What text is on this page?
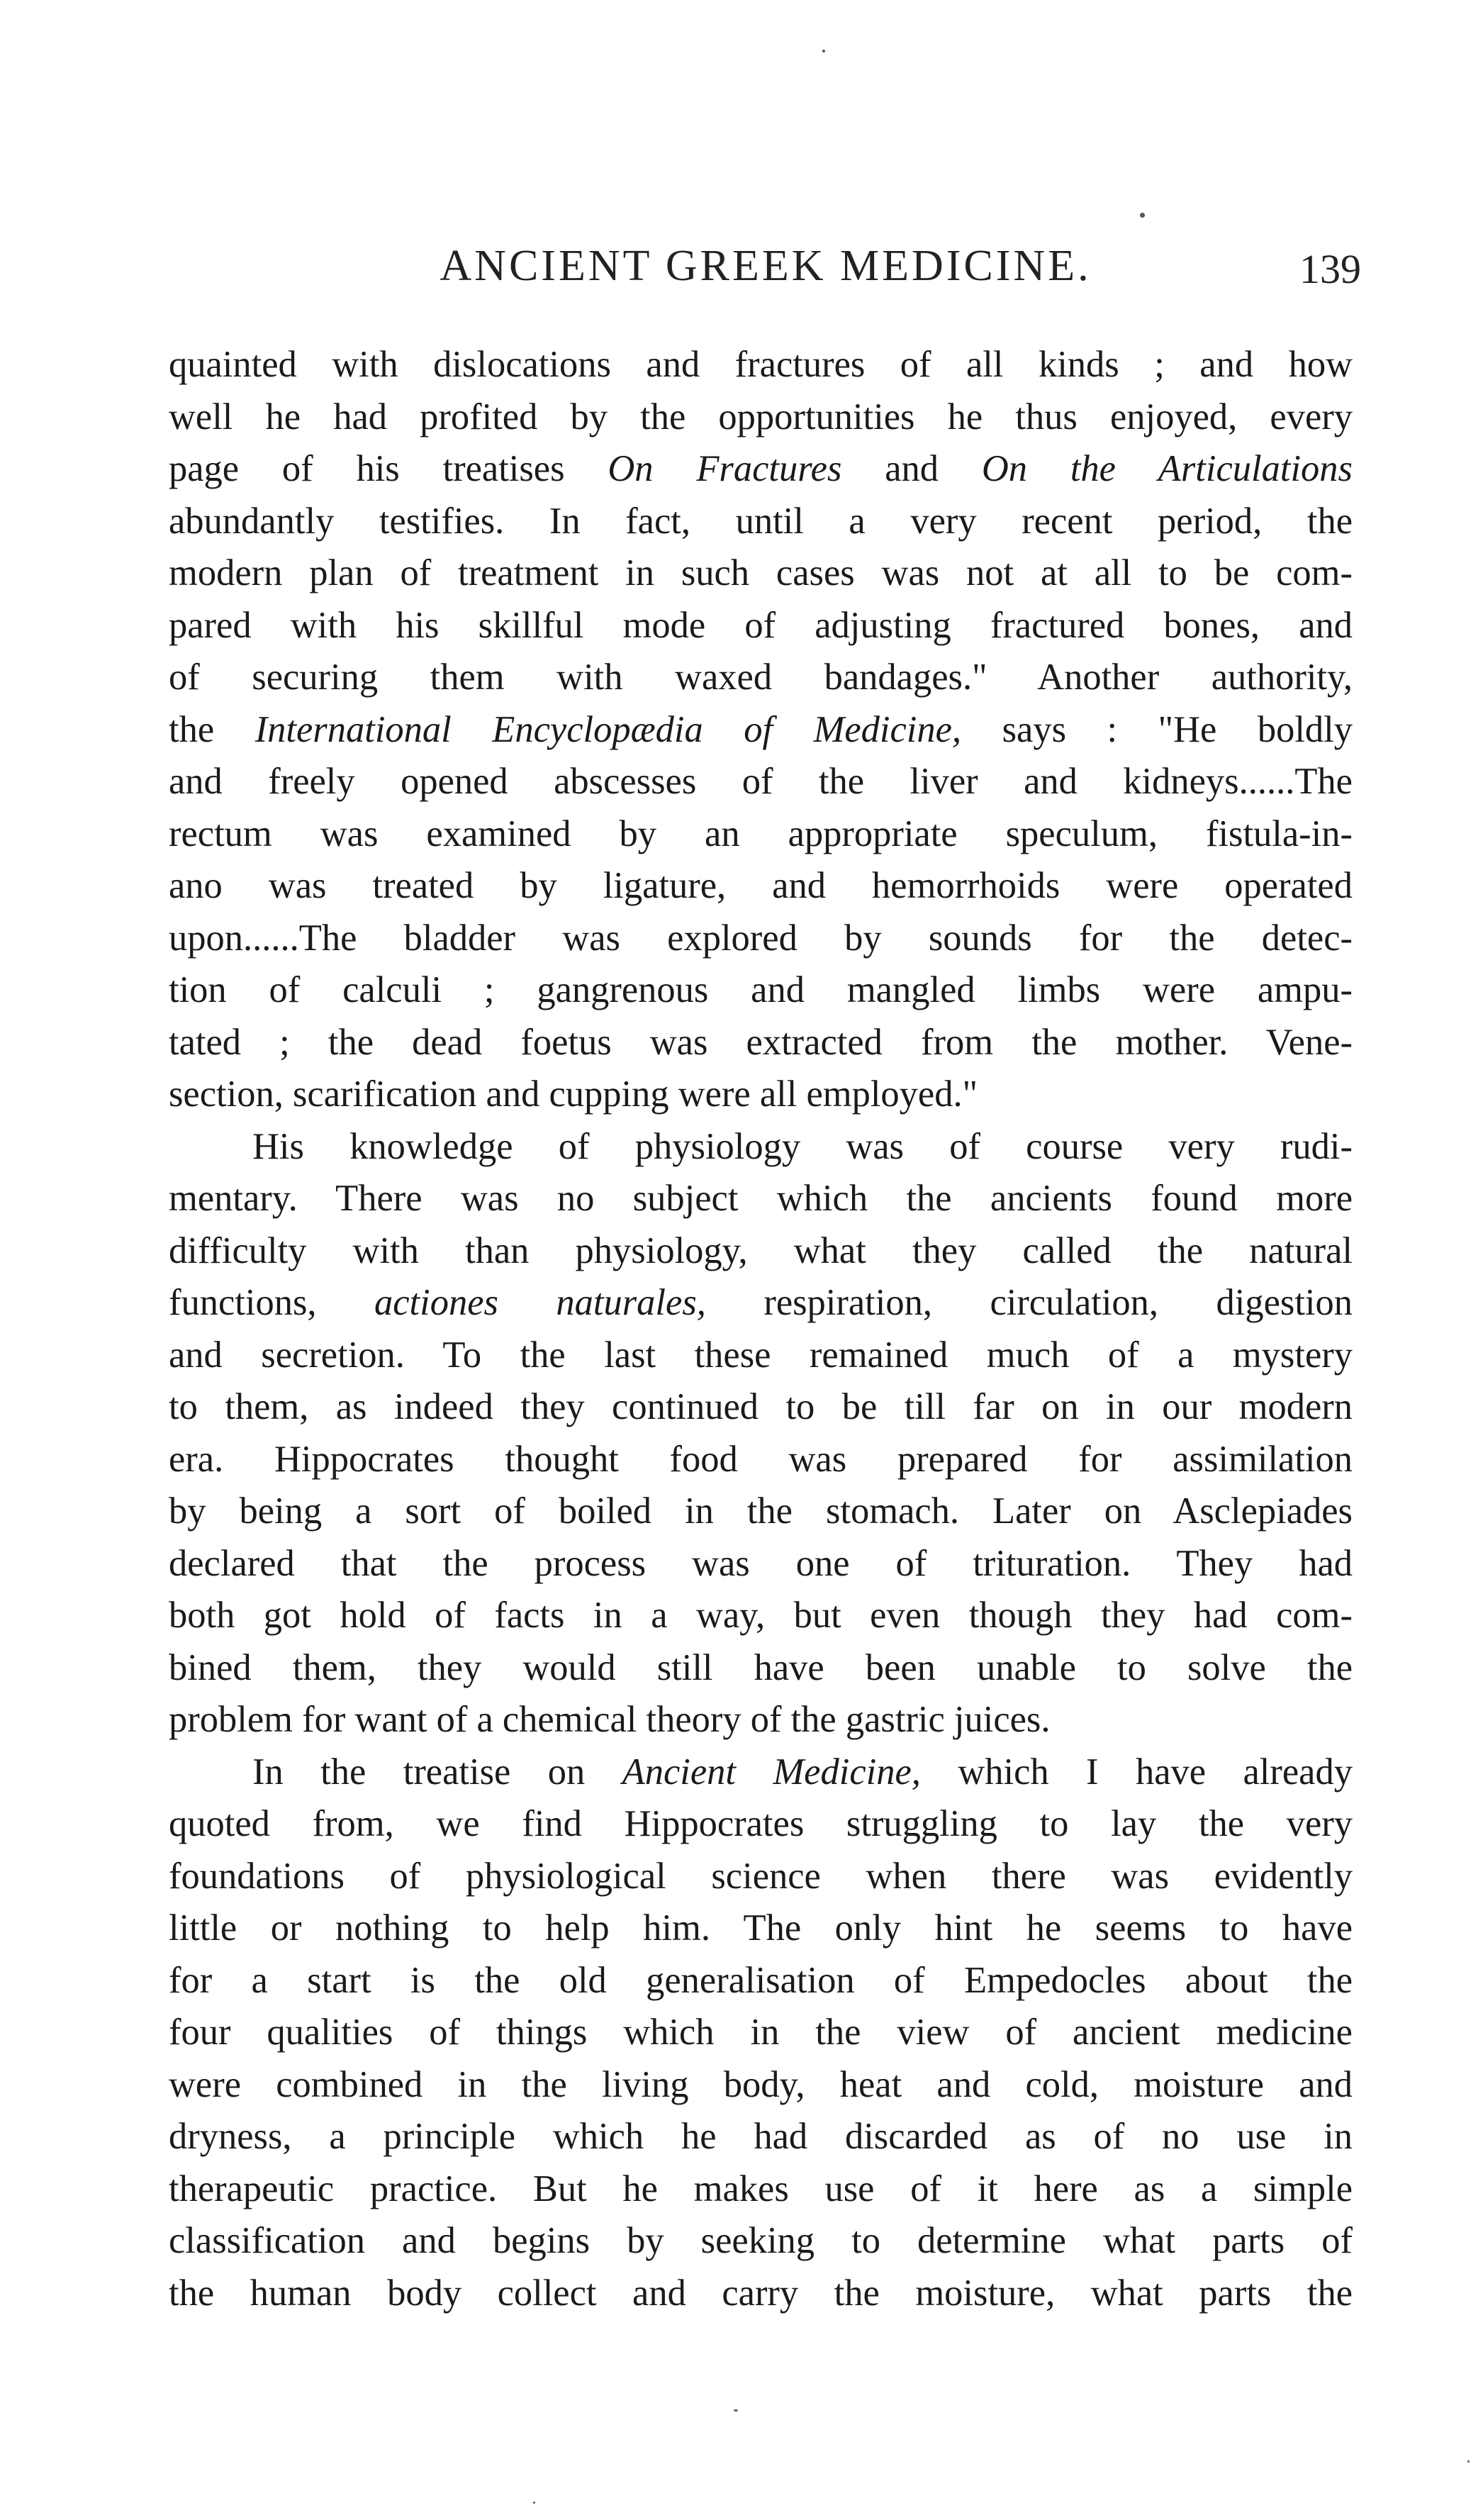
ANCIENT GREEK MEDICINE.	139
quainted with dislocations and fractures of all kinds ; and how
well he had profited by the opportunities he thus enjoyed, every
page of his treatises On Fractures and On the Articulations
abundantly testifies. In fact, until a very recent period, the
modern plan of treatment in such cases was not at all to be com-
pared with his skillful mode of adjusting fractured bones, and
of securing them with waxed bandages." Another authority,
the International Encyclopædia of Medicine, says : "He boldly
and freely opened abscesses of the liver and kidneys......The
rectum was examined by an appropriate speculum, fistula-in-
ano was treated by ligature, and hemorrhoids were operated
upon......The bladder was explored by sounds for the detec-
tion of calculi ; gangrenous and mangled limbs were ampu-
tated ; the dead foetus was extracted from the mother. Vene-
section, scarification and cupping were all employed."
His knowledge of physiology was of course very rudi-
mentary. There was no subject which the ancients found more
difficulty with than physiology, what they called the natural
functions, actiones naturales, respiration, circulation, digestion
and secretion. To the last these remained much of a mystery
to them, as indeed they continued to be till far on in our modern
era. Hippocrates thought food was prepared for assimilation
by being a sort of boiled in the stomach. Later on Asclepiades
declared that the process was one of trituration. They had
both got hold of facts in a way, but even though they had com-
bined them, they would still have been unable to solve the
problem for want of a chemical theory of the gastric juices.
In the treatise on Ancient Medicine, which I have already
quoted from, we find Hippocrates struggling to lay the very
foundations of physiological science when there was evidently
little or nothing to help him. The only hint he seems to have
for a start is the old generalisation of Empedocles about the
four qualities of things which in the view of ancient medicine
were combined in the living body, heat and cold, moisture and
dryness, a principle which he had discarded as of no use in
therapeutic practice. But he makes use of it here as a simple
classification and begins by seeking to determine what parts of
the human body collect and carry the moisture, what parts the
